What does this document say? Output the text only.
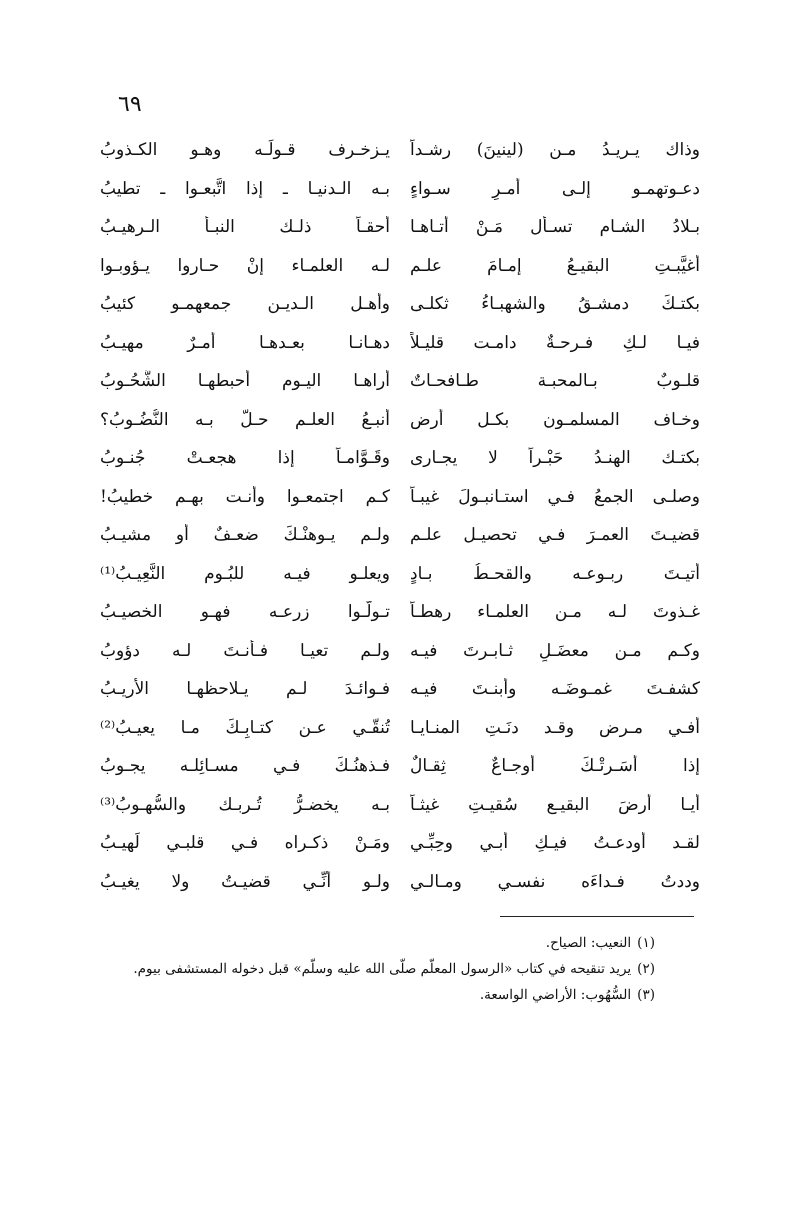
٦٩
وذاك يـريـدُ مـن (لينينَ) رشـداً
يـزخـرف قـولَـه وهـو الكـذوبُ
دعـوتهمـو إلـى أمـرٍ سـواءٍ
بـه الـدنيـا ـ إذا اتَّبعـوا ـ تطيبُ
بـلادُ الشـام تسـأل مَـنْ أتـاهـا
أحقـاً ذلـك النبـأُ الـرهيـبُ
أغيَّبـتِ البقيـعُ إمـامَ علـم
لـه العلمـاء إنْ حـاروا يـؤوبـوا
بكتـكَ دمشـقُ والشهبـاءُ ثكلـى
وأهـل الـديـن جمعهمـو كئيبُ
فيـا لـكِ فـرحـةٌ دامـت قليـلاً
دهـانـا بعـدهـا أمـرٌ مهيـبُ
قلـوبٌ بـالمحبـة طـافحـاتٌ
أراهـا اليـوم أحبطهـا الشُّحُـوبُ
وخـاف المسلمـون بكـل أرضٍ
أنبـعُ العلـم حـلَّ بـه النُّضُـوبُ؟
بكتـك الهنـدُ حَبْـراً لا يجـارى
وقَـوَّامـاً إذا هجعـتْ جُنـوبُ
وصلـى الجمعُ فـي استـانبـولَ غيبـاً
كـم اجتمعـوا وأنـت بهـم خطيبُ!
قضيـتَ العمـرَ فـي تحصيـل علـم
ولـم يـوهنْـكَ ضعـفٌ أو مشيـبُ
أتيـتَ ربـوعـه والقحـطُ بـادٍ
ويعلـو فيـه للبُـوم النَّعِيـبُ⁽¹⁾
غـذوتَ لـه مـن العلمـاء رهطـاً
تـولَّـوا زرعـه فهـو الخصيـبُ
وكـم مـن معضَـلٍ ثـابـرتَ فيـه
ولـم تعيـا فـأنـتَ لـه دؤوبُ
كشفـتَ غمـوضَـه وأبنـتَ فيـه
فـوائـدَ لـم يـلاحظهـا الأريـبُ
أفـي مـرضٍ وقـد دنَـتِ المنـايـا
تُنقّـي عـن كتـابِـكَ مـا يعيـبُ⁽²⁾
إذا أسَـرتْـكَ أوجـاعٌ ثِقـالٌ
فـذهنُـكَ فـي مسـائِلـه يجـوبُ
أيـا أرضَ البقيـع سُقيـتِ غيثـاً
بـه يخضـرُّ تُـربـك والسُّهـوبُ⁽³⁾
لقـد أودعـتُ فيـكِ أبـي وحِبِّـي
ومَـنْ ذكـراه فـي قلبـي لَهيـبُ
وددتُ فـداءَه نفسـي ومـالـي
ولـو أنِّـي قضيـتُ ولا يغيـبُ
(١)النعيب: الصياح.
(٢)يريد تنقيحه في كتاب «الرسول المعلّم صلّى الله عليه وسلّم» قبل دخوله المستشفى بيوم.
(٣)السُّهُوب: الأراضي الواسعة.
